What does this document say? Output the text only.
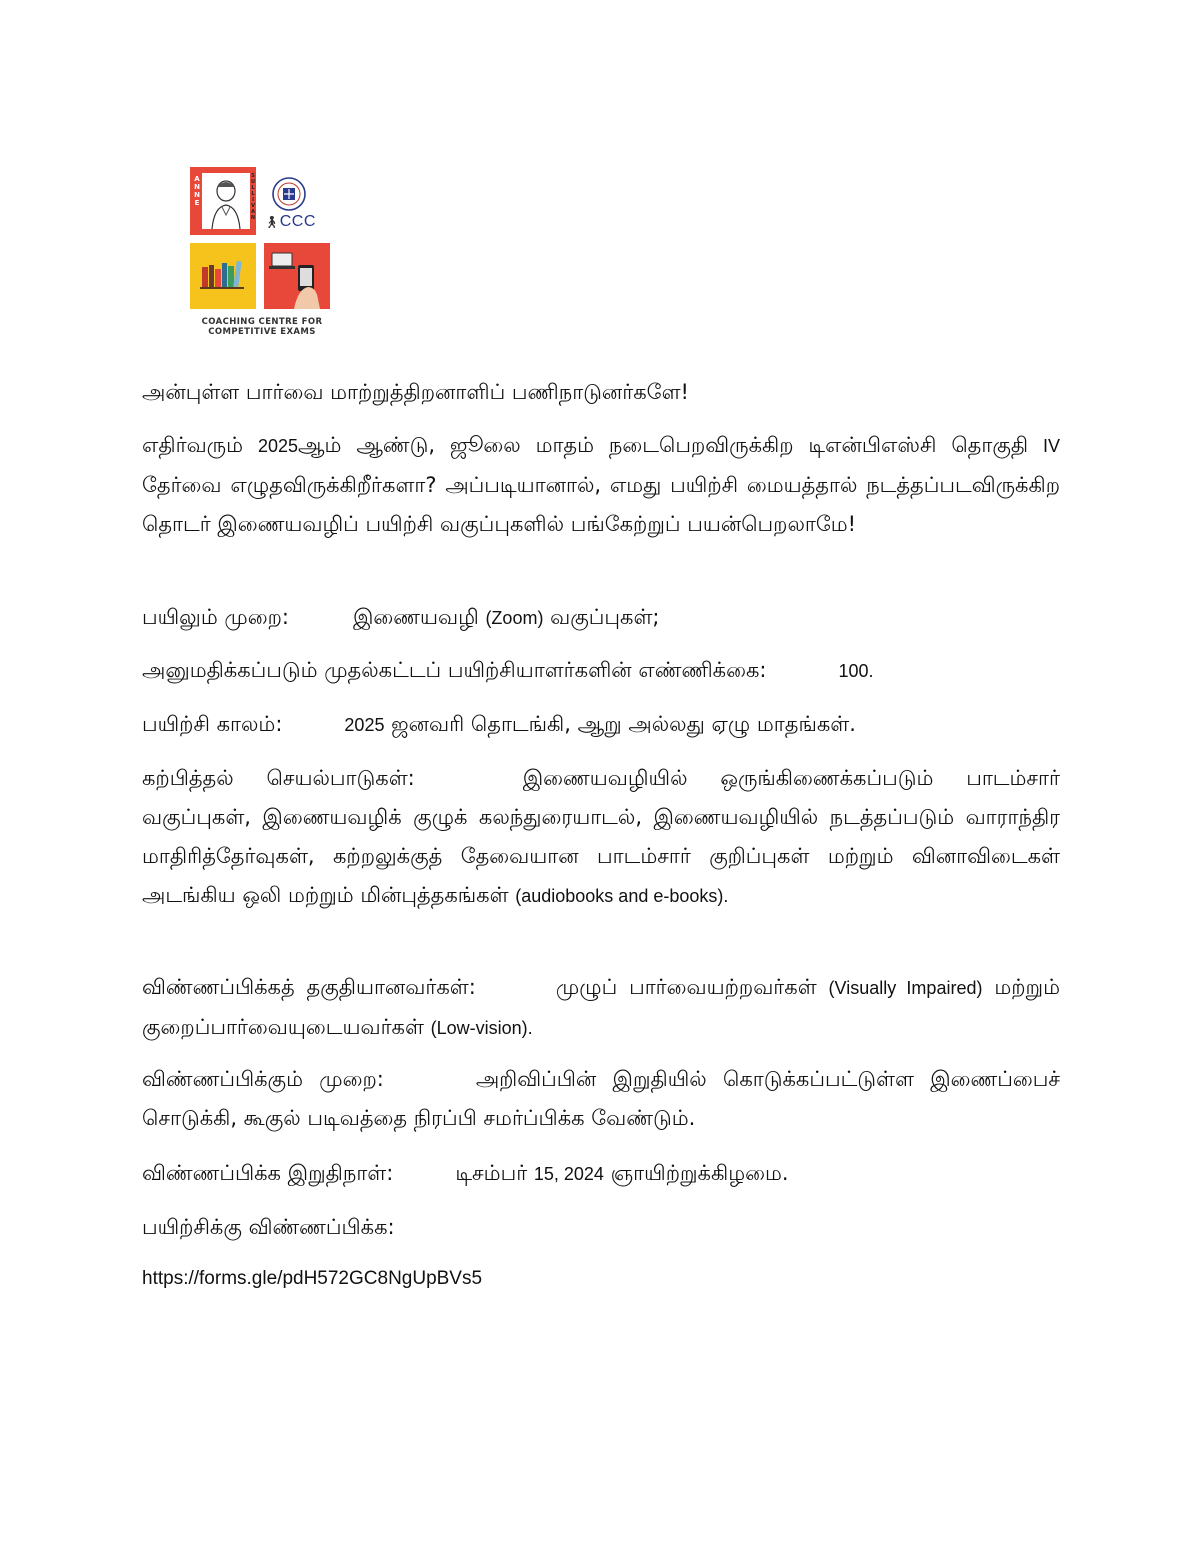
A
N
N
E
S
U
L
L
I
V
A
N 🚶︎CCC
COACHING CENTRE FOR
COMPETITIVE EXAMS

அன்புள்ள பார்வை மாற்றுத்திறனாளிப் பணிநாடுனர்களே!

எதிர்வரும் 2025ஆம் ஆண்டு, ஜூலை மாதம் நடைபெறவிருக்கிற டிஎன்பிஎஸ்சி தொகுதி IV தேர்வை எழுதவிருக்கிறீர்களா? அப்படியானால், எமது பயிற்சி மையத்தால் நடத்தப்படவிருக்கிற தொடர் இணையவழிப் பயிற்சி வகுப்புகளில் பங்கேற்றுப் பயன்பெறலாமே!

பயிலும் முறை:	இணையவழி (Zoom) வகுப்புகள்;

அனுமதிக்கப்படும் முதல்கட்டப் பயிற்சியாளர்களின் எண்ணிக்கை:	100.

பயிற்சி காலம்:	2025 ஜனவரி தொடங்கி, ஆறு அல்லது ஏழு மாதங்கள்.

கற்பித்தல் செயல்பாடுகள்:	இணையவழியில் ஒருங்கிணைக்கப்படும் பாடம்சார் வகுப்புகள், இணையவழிக் குழுக் கலந்துரையாடல், இணையவழியில் நடத்தப்படும் வாராந்திர மாதிரித்தேர்வுகள், கற்றலுக்குத் தேவையான பாடம்சார் குறிப்புகள் மற்றும் வினாவிடைகள் அடங்கிய ஒலி மற்றும் மின்புத்தகங்கள் (audiobooks and e-books).

விண்ணப்பிக்கத் தகுதியானவர்கள்:	முழுப் பார்வையற்றவர்கள் (Visually Impaired) மற்றும் குறைப்பார்வையுடையவர்கள் (Low-vision).

விண்ணப்பிக்கும் முறை:	அறிவிப்பின் இறுதியில் கொடுக்கப்பட்டுள்ள இணைப்பைச் சொடுக்கி, கூகுல் படிவத்தை நிரப்பி சமர்ப்பிக்க வேண்டும்.

விண்ணப்பிக்க இறுதிநாள்:	டிசம்பர் 15, 2024 ஞாயிற்றுக்கிழமை.

பயிற்சிக்கு விண்ணப்பிக்க:

https://forms.gle/pdH572GC8NgUpBVs5
